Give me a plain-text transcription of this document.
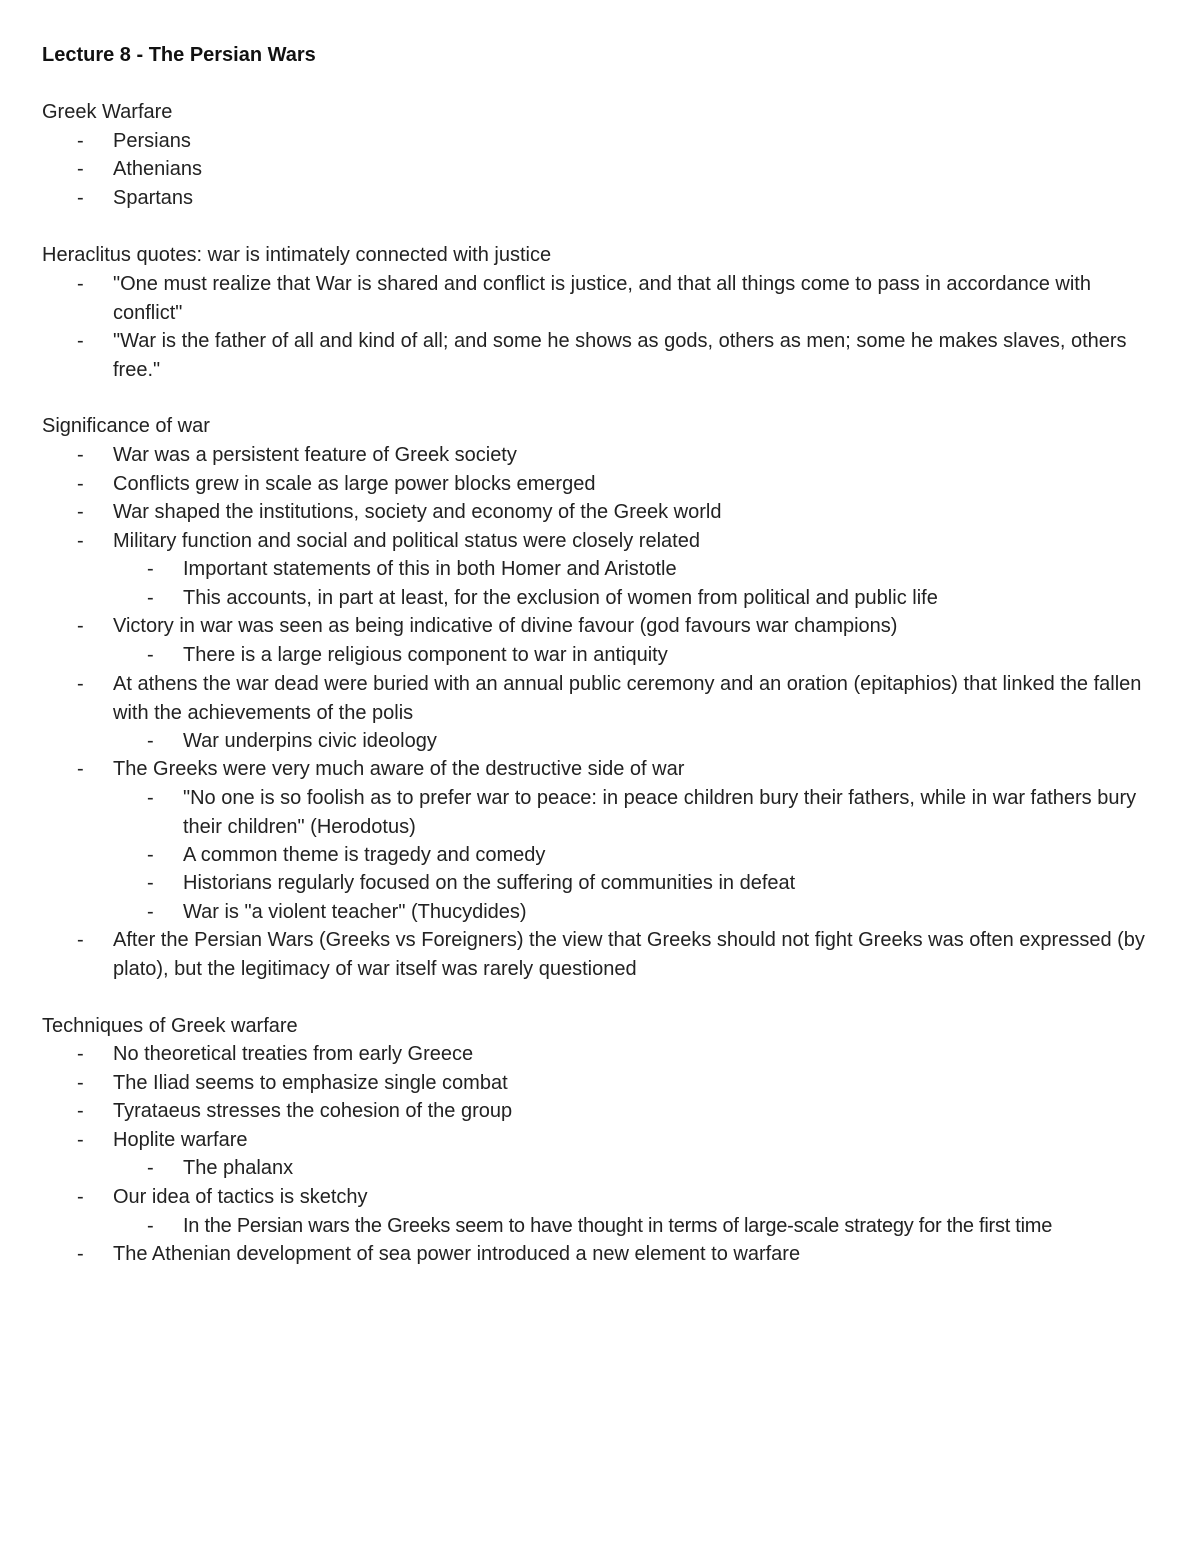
Lecture 8 - The Persian Wars
Greek Warfare
- Persians
- Athenians
- Spartans
Heraclitus quotes: war is intimately connected with justice
- "One must realize that War is shared and conflict is justice, and that all things come to pass in accordance with conflict"
- "War is the father of all and kind of all; and some he shows as gods, others as men; some he makes slaves, others free."
Significance of war
- War was a persistent feature of Greek society
- Conflicts grew in scale as large power blocks emerged
- War shaped the institutions, society and economy of the Greek world
- Military function and social and political status were closely related
- Important statements of this in both Homer and Aristotle
- This accounts, in part at least, for the exclusion of women from political and public life
- Victory in war was seen as being indicative of divine favour (god favours war champions)
- There is a large religious component to war in antiquity
- At athens the war dead were buried with an annual public ceremony and an oration (epitaphios) that linked the fallen with the achievements of the polis
- War underpins civic ideology
- The Greeks were very much aware of the destructive side of war
- "No one is so foolish as to prefer war to peace: in peace children bury their fathers, while in war fathers bury their children" (Herodotus)
- A common theme is tragedy and comedy
- Historians regularly focused on the suffering of communities in defeat
- War is "a violent teacher" (Thucydides)
- After the Persian Wars (Greeks vs Foreigners) the view that Greeks should not fight Greeks was often expressed (by plato), but the legitimacy of war itself was rarely questioned
Techniques of Greek warfare
- No theoretical treaties from early Greece
- The Iliad seems to emphasize single combat
- Tyrataeus stresses the cohesion of the group
- Hoplite warfare
- The phalanx
- Our idea of tactics is sketchy
- In the Persian wars the Greeks seem to have thought in terms of large-scale strategy for the first time
- The Athenian development of sea power introduced a new element to warfare
